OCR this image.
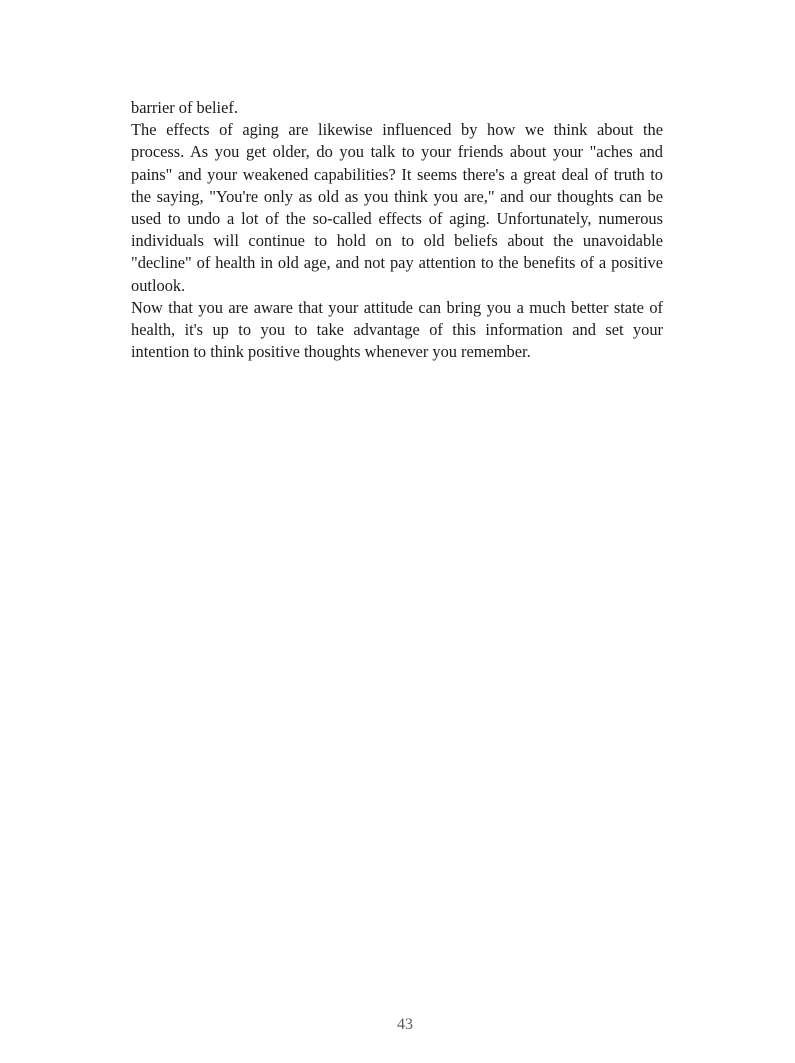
barrier of belief.

The effects of aging are likewise influenced by how we think about the
process. As you get older, do you talk to your friends about your "aches and
pains" and your weakened capabilities? It seems there's a great deal of truth to
the saying, "You're only as old as you think you are," and our thoughts can be
used to undo a lot of the so-called effects of aging. Unfortunately, numerous
individuals will continue to hold on to old beliefs about the unavoidable
"decline" of health in old age, and not pay attention to the benefits of a positive
outlook.

Now that you are aware that your attitude can bring you a much better state of
health, it's up to you to take advantage of this information and set your
intention to think positive thoughts whenever you remember.

43
